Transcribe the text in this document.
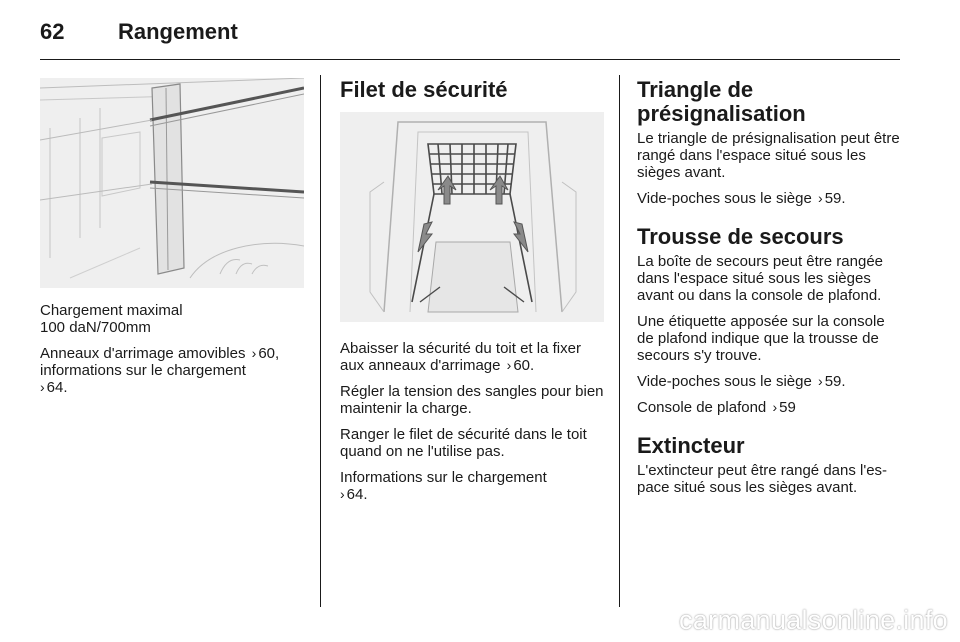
62 Rangement

Chargement maximal
100 daN/700mm

Anneaux d'arrimage amovibles › 60,
informations sur le chargement
› 64.

Filet de sécurité

Abaisser la sécurité du toit et la fixer aux anneaux d'arrimage › 60.

Régler la tension des sangles pour bien maintenir la charge.

Ranger le filet de sécurité dans le toit quand on ne l'utilise pas.

Informations sur le chargement
› 64.

Triangle de présignalisation

Le triangle de présignalisation peut être rangé dans l'espace situé sous les sièges avant.

Vide-poches sous le siège › 59.

Trousse de secours

La boîte de secours peut être rangée dans l'espace situé sous les sièges avant ou dans la console de plafond.

Une étiquette apposée sur la console de plafond indique que la trousse de secours s'y trouve.

Vide-poches sous le siège › 59.

Console de plafond › 59

Extincteur

L'extincteur peut être rangé dans l'es-pace situé sous les sièges avant.

carmanualsonline.info
